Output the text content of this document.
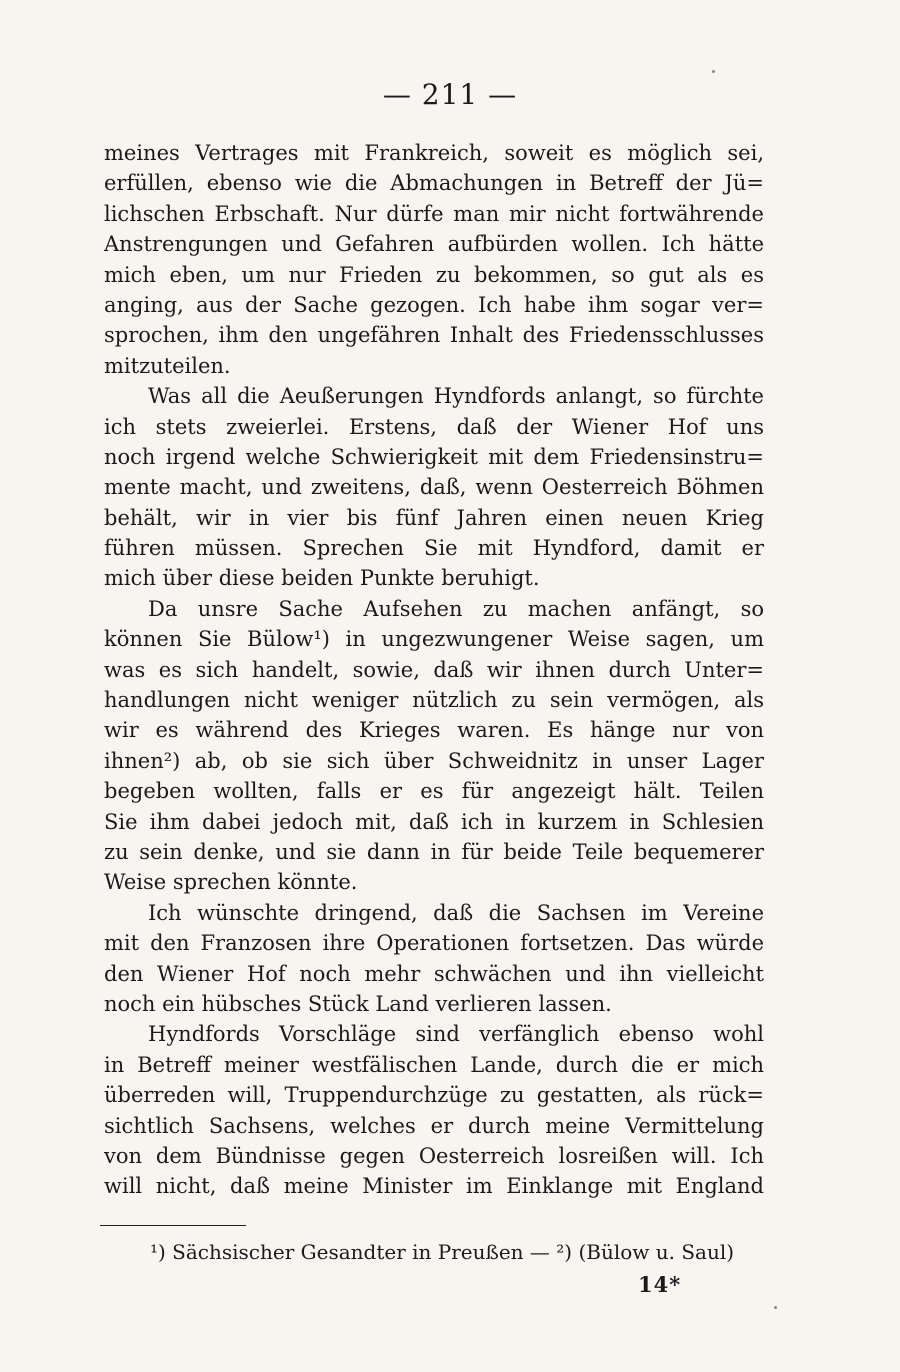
— 211 —
meines Vertrages mit Frankreich, soweit es möglich sei,
erfüllen, ebenso wie die Abmachungen in Betreff der Jü=
lichschen Erbschaft. Nur dürfe man mir nicht fortwährende
Anstrengungen und Gefahren aufbürden wollen. Ich hätte
mich eben, um nur Frieden zu bekommen, so gut als es
anging, aus der Sache gezogen. Ich habe ihm sogar ver=
sprochen, ihm den ungefähren Inhalt des Friedensschlusses
mitzuteilen.
Was all die Aeußerungen Hyndfords anlangt, so fürchte
ich stets zweierlei. Erstens, daß der Wiener Hof uns
noch irgend welche Schwierigkeit mit dem Friedensinstru=
mente macht, und zweitens, daß, wenn Oesterreich Böhmen
behält, wir in vier bis fünf Jahren einen neuen Krieg
führen müssen. Sprechen Sie mit Hyndford, damit er
mich über diese beiden Punkte beruhigt.
Da unsre Sache Aufsehen zu machen anfängt, so
können Sie Bülow¹) in ungezwungener Weise sagen, um
was es sich handelt, sowie, daß wir ihnen durch Unter=
handlungen nicht weniger nützlich zu sein vermögen, als
wir es während des Krieges waren. Es hänge nur von
ihnen²) ab, ob sie sich über Schweidnitz in unser Lager
begeben wollten, falls er es für angezeigt hält. Teilen
Sie ihm dabei jedoch mit, daß ich in kurzem in Schlesien
zu sein denke, und sie dann in für beide Teile bequemerer
Weise sprechen könnte.
Ich wünschte dringend, daß die Sachsen im Vereine
mit den Franzosen ihre Operationen fortsetzen. Das würde
den Wiener Hof noch mehr schwächen und ihn vielleicht
noch ein hübsches Stück Land verlieren lassen.
Hyndfords Vorschläge sind verfänglich ebenso wohl
in Betreff meiner westfälischen Lande, durch die er mich
überreden will, Truppendurchzüge zu gestatten, als rück=
sichtlich Sachsens, welches er durch meine Vermittelung
von dem Bündnisse gegen Oesterreich losreißen will. Ich
will nicht, daß meine Minister im Einklange mit England
¹) Sächsischer Gesandter in Preußen — ²) (Bülow u. Saul)
14*
